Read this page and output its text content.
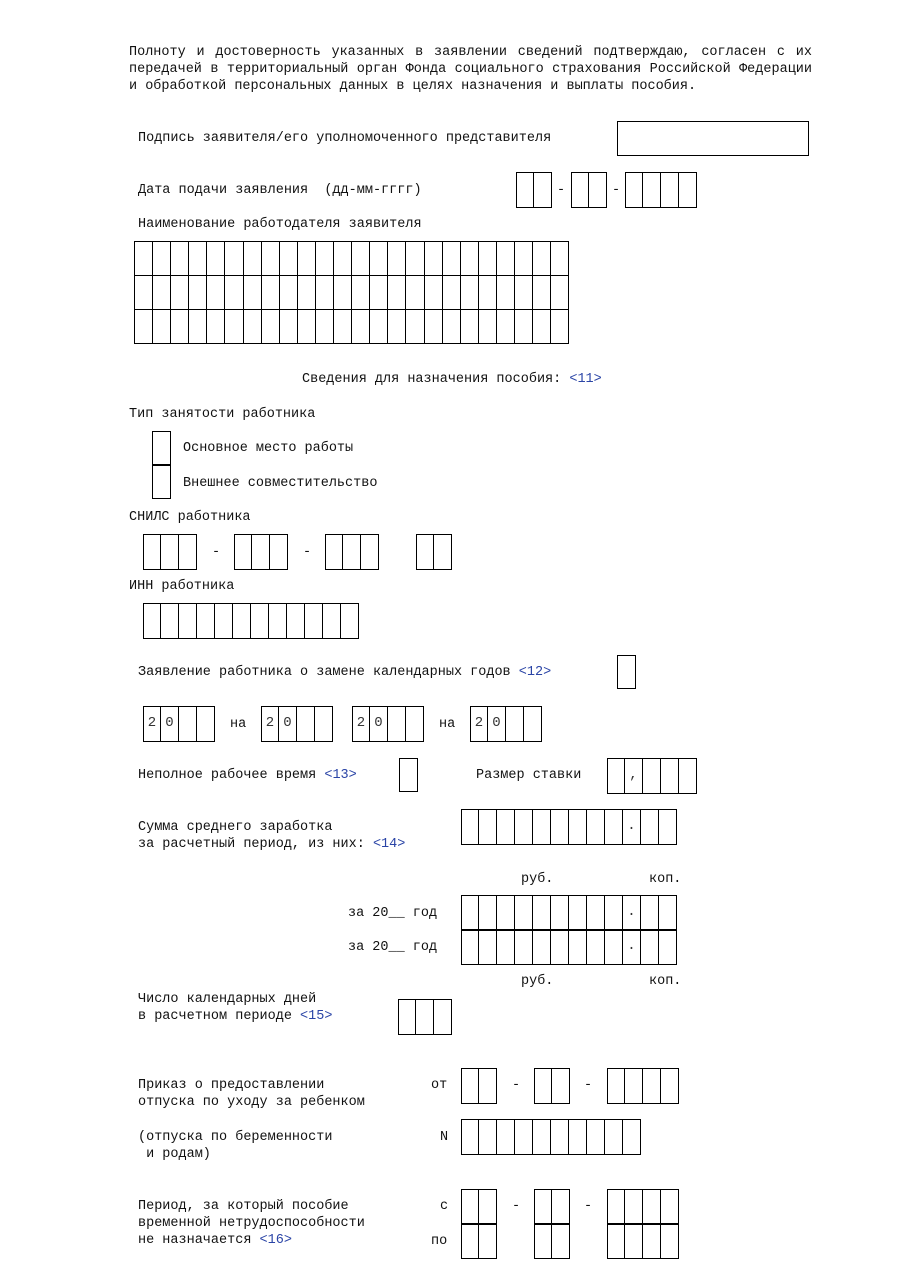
Полноту и достоверность указанных в заявлении сведений подтверждаю, согласен с их передачей в территориальный орган Фонда социального страхования Российской Федерации и обработкой персональных данных в целях назначения и выплаты пособия.
Подпись заявителя/его уполномоченного представителя
Дата подачи заявления  (дд-мм-гггг)	-	-
Наименование работодателя заявителя
Сведения для назначения пособия: <11>
Тип занятости работника
Основное место работы
Внешнее совместительство
СНИЛС работника
-	-
ИНН работника
Заявление работника о замене календарных годов <12>
2 0	на	2 0	2 0	на	2 0
Неполное рабочее время <13>	Размер ставки
,
Сумма среднего заработка
за расчетный период, из них: <14>
.
руб.	коп.
за 20__ год
.
за 20__ год
.
руб.	коп.
Число календарных дней
в расчетном периоде <15>
Приказ о предоставлении
отпуска по уходу за ребенком
от	-	-
(отпуска по беременности
и родам)
N
Период, за который пособие
временной нетрудоспособности
не назначается <16>
с
по
-	-
